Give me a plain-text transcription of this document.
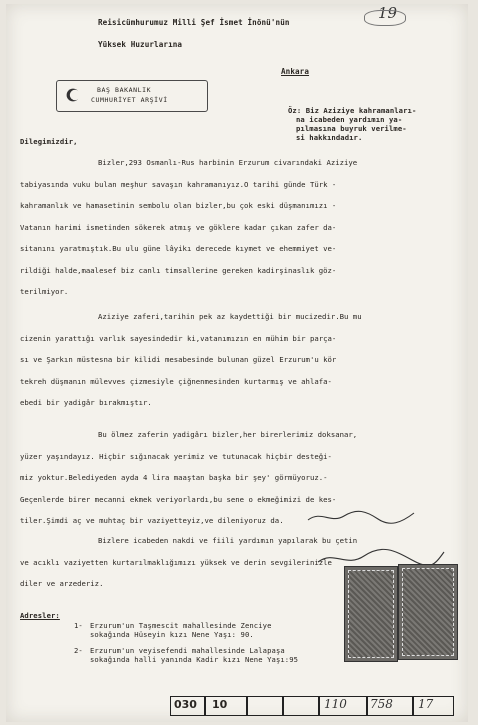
Reisicümhurumuz Milli Şef İsmet İnönü'nün
Yüksek Huzurlarına
19
Ankara
BAŞ BAKANLIK
CUMHURİYET ARŞİVİ
Öz: Biz Aziziye kahramanları-
na icabeden yardımın ya-
pılmasına buyruk verilme-
si hakkındadır.
Dilegimizdir,
Bizler,293 Osmanlı-Rus harbinin Erzurum civarındaki Aziziye
tabiyasında vuku bulan meşhur savaşın kahramanıyız.O tarihi günde Türk -
kahramanlık ve hamasetinin sembolu olan bizler,bu çok eski düşmanımızı -
Vatanın harimi ismetinden sökerek atmış ve göklere kadar çıkan zafer da-
sitanını yaratmıştık.Bu ulu güne lâyikı derecede kıymet ve ehemmiyet ve-
rildiği halde,maalesef biz canlı timsallerine gereken kadirşinaslık göz-
terilmiyor.
Aziziye zaferi,tarihin pek az kaydettiği bir mucizedir.Bu mu
cizenin yarattığı varlık sayesindedir ki,vatanımızın en mühim bir parça-
sı ve Şarkın müstesna bir kilidi mesabesinde bulunan güzel Erzurum'u kör
tekreh düşmanın mülevves çizmesiyle çiğnenmesinden kurtarmış ve ahlafa-
ebedi bir yadigâr bırakmıştır.
Bu ölmez zaferin yadigârı bizler,her birerlerimiz doksanar,
yüzer yaşındayız. Hiçbir sığınacak yerimiz ve tutunacak hiçbir desteği-
miz yoktur.Belediyeden ayda 4 lira maaştan başka bir şey' görmüyoruz.-
Geçenlerde birer mecanni ekmek veriyorlardı,bu sene o ekmeğimizi de kes-
tiler.Şimdi aç ve muhtaç bir vaziyetteyiz,ve dileniyoruz da.
Bizlere icabeden nakdi ve fiili yardımın yapılarak bu çetin
ve acıklı vaziyetten kurtarılmaklığımızı yüksek ve derin sevgilerinizle
diler ve arzederiz.
Adresler:
1- Erzurum'un Taşmescit mahallesinde Zenciye
sokağında Hüseyin kızı Nene Yaşı: 90.
2- Erzurum'un veyisefendi mahallesinde Lalapaşa
sokağında halli yanında Kadir kızı Nene Yaşı:95
030 10	110 758 17
